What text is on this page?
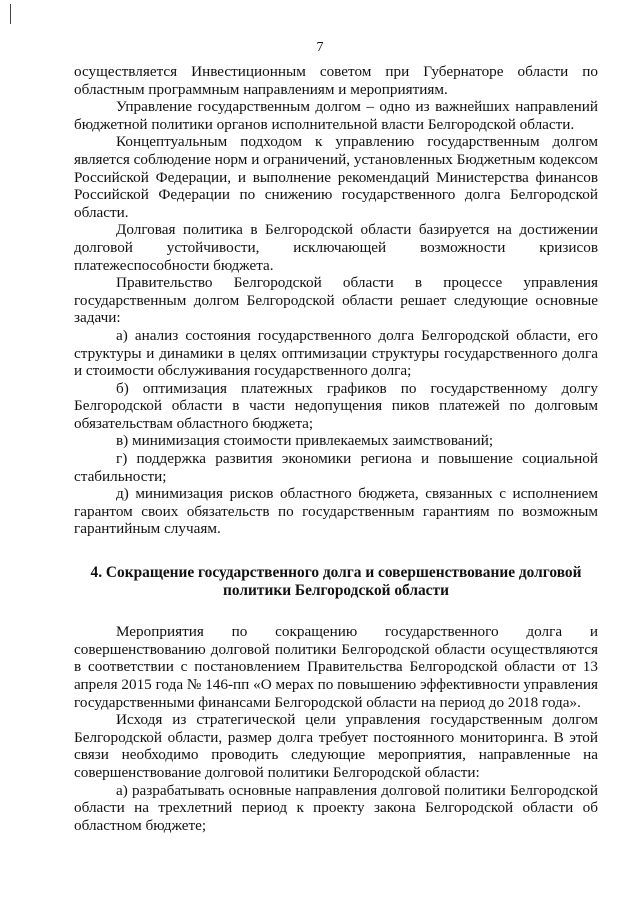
7

осуществляется Инвестиционным советом при Губернаторе области по областным программным направлениям и мероприятиям.

Управление государственным долгом – одно из важнейших направлений бюджетной политики органов исполнительной власти Белгородской области.

Концептуальным подходом к управлению государственным долгом является соблюдение норм и ограничений, установленных Бюджетным кодексом Российской Федерации, и выполнение рекомендаций Министерства финансов Российской Федерации по снижению государственного долга Белгородской области.

Долговая политика в Белгородской области базируется на достижении долговой устойчивости, исключающей возможности кризисов платежеспособности бюджета.

Правительство Белгородской области в процессе управления государственным долгом Белгородской области решает следующие основные задачи:

а) анализ состояния государственного долга Белгородской области, его структуры и динамики в целях оптимизации структуры государственного долга и стоимости обслуживания государственного долга;

б) оптимизация платежных графиков по государственному долгу Белгородской области в части недопущения пиков платежей по долговым обязательствам областного бюджета;

в) минимизация стоимости привлекаемых заимствований;

г) поддержка развития экономики региона и повышение социальной стабильности;

д) минимизация рисков областного бюджета, связанных с исполнением гарантом своих обязательств по государственным гарантиям по возможным гарантийным случаям.

4. Сокращение государственного долга и совершенствование долговой политики Белгородской области

Мероприятия по сокращению государственного долга и совершенствованию долговой политики Белгородской области осуществляются в соответствии с постановлением Правительства Белгородской области от 13 апреля 2015 года № 146-пп «О мерах по повышению эффективности управления государственными финансами Белгородской области на период до 2018 года».

Исходя из стратегической цели управления государственным долгом Белгородской области, размер долга требует постоянного мониторинга. В этой связи необходимо проводить следующие мероприятия, направленные на совершенствование долговой политики Белгородской области:

а) разрабатывать основные направления долговой политики Белгородской области на трехлетний период к проекту закона Белгородской области об областном бюджете;
